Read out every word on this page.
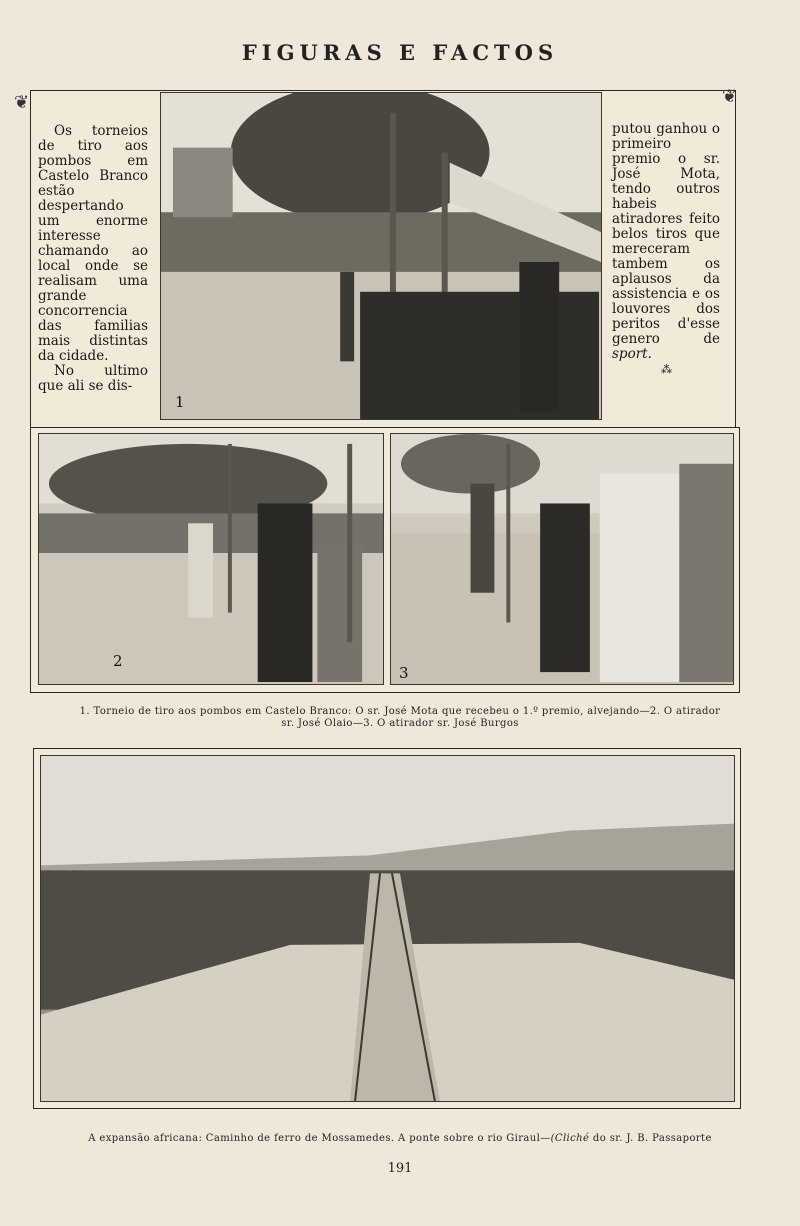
FIGURAS E FACTOS
❦	❦

Os torneios de tiro aos pombos em Castelo Branco estão despertando um enorme interesse chamando ao local onde se realisam uma grande concorrencia das familias mais distintas da cidade.

No ultimo que ali se dis-

1

putou ganhou o primeiro premio o sr. José Mota, tendo outros habeis atiradores feito belos tiros que mereceram tambem os aplausos da assistencia e os louvores dos peritos d'esse genero de sport.

⁂

2
3
1. Torneio de tiro aos pombos em Castelo Branco: O sr. José Mota que recebeu o 1.º premio, alvejando—2. O atirador
sr. José Olaio—3. O atirador sr. José Burgos
A expansão africana: Caminho de ferro de Mossamedes. A ponte sobre o rio Giraul—(Cliché do sr. J. B. Passaporte
191
